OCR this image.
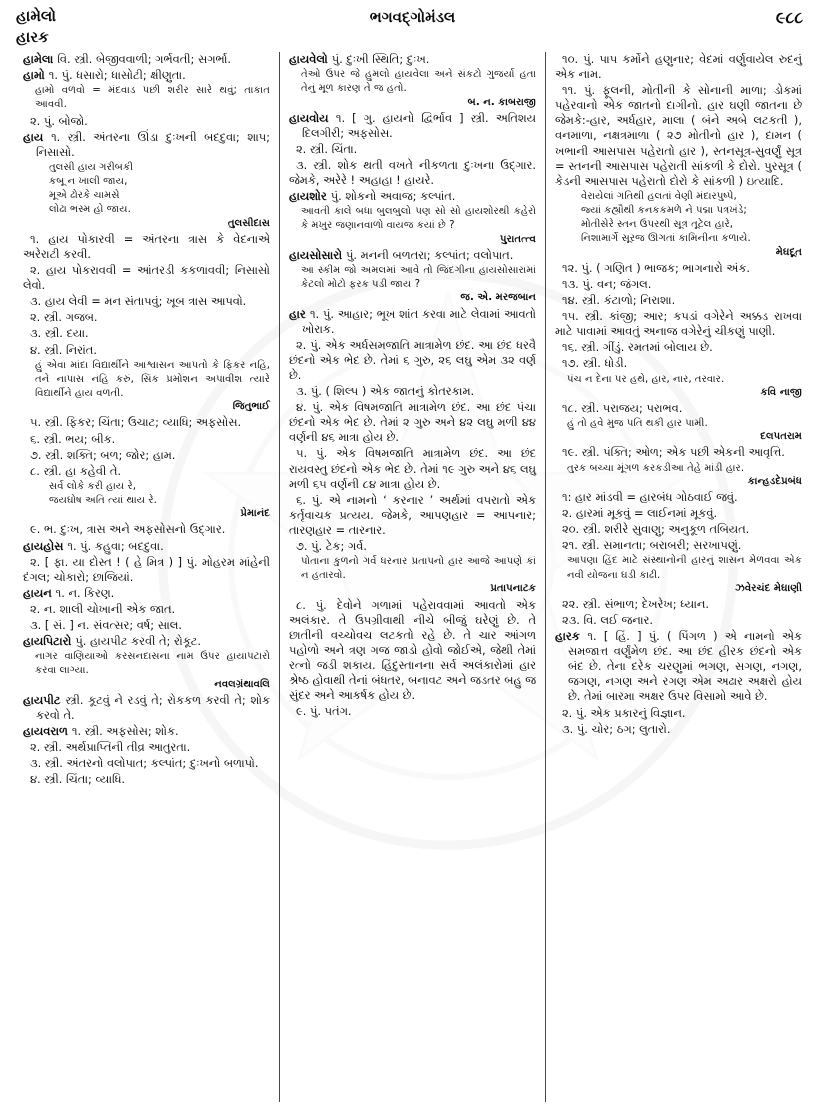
હામેલો
હારક
ભગવદ્ગોમંડલ	૯૮૮

હામેલા વિ. સ્ત્રી. બેજીવવાળી; ગર્ભવતી; સગર્ભા.

હામો ૧. પું. ધસારો; ધાસોટી; ક્ષીણુતા.

હામો વળવો = મંદવાડ પછી શરીર સારે થવું; તાકાત આવવી.

૨. પું. બોજો.

હાય ૧. સ્ત્રી. અંતરના ઊંડા દુઃખની બદદુવા; શાપ; નિસાસો.

તુલસી હાય ગરીબકી
કબૂ ન ખાલી જાય,
મૂએ ઢોરકે ચામસે
લોઢા ભસ્મ હો જાય.
તુલસીદાસ

૧. હાય પોકારવી = અંતરના ત્રાસ કે વેદનાએ અરેરાટી કરવી.

૨. હાય પોકરાવવી = આંતરડી કકળાવવી; નિસાસો લેવો.

૩. હાય લેવી = મન સંતાપવું; ખૂબ ત્રાસ આપવો.

૨. સ્ત્રી. ગજબ.

૩. સ્ત્રી. દયા.

૪. સ્ત્રી. નિરાંત.

હું એવા માંદા વિદ્યાર્થીને આશ્વાસન આપતો કે ફિકર નહિ, તને નાપાસ નહિ કરું, સિંક પ્રમોશન અપાવીશ ત્યારે વિદ્યાર્થીને હાય વળતી.
જિતુભાઈ

૫. સ્ત્રી. ફિકર; ચિંતા; ઉચાટ; વ્યાધિ; અફસોસ.

૬. સ્ત્રી. ભય; બીક.

૭. સ્ત્રી. શક્તિ; બળ; જોર; હામ.

૮. સ્ત્રી. હા કહેવી તે.

સર્વ લોકે કરી હાય રે,
જયઘોષ અતિ ત્યાં થાય રે.
પ્રેમાનંદ

૯. ભ. દુઃખ, ત્રાસ અને અફસોસનો ઉદ્ગાર.

હાયહોસ ૧. પું. કહુવા; બદદુવા.

૨. [ ફા. યા દોસ્ત ! ( હે મિત્ર ) ] પું. મોહરમ માંહેની દંગલ; ચોકારો; છાજિયાં.

હાયન ૧. ન. કિરણ.

૨. ન. શાલી ચોખાની એક જાત.

૩. [ સં. ] ન. સંવત્સર; વર્ષ; સાલ.

હાયપિટારો પું. હાયપીટ કરવી તે; રોકૂટ.

નાગર વાણિયાઓ કરસનદાસના નામ ઉપર હાયાપટારો કરવા લાગ્યા.
નવલગ્રંથાવલિ

હાયપીટ સ્ત્રી. કૂટવું ને રડવું તે; રોકકળ કરવી તે; શોક કરવો તે.

હાયવરાળ ૧. સ્ત્રી. અફસોસ; શોક.

૨. સ્ત્રી. અર્થપ્રાપ્તિની તીવ્ર આતુરતા.

૩. સ્ત્રી. અંતરનો વલોપાત; કલ્પાંત; દુઃખનો બળાપો.

૪. સ્ત્રી. ચિંતા; વ્યાધિ.

હાયવેલો પું. દુઃખી સ્થિતિ; દુઃખ.

તેઓ ઉપર જે હુમલો હાયવેલા અને સંકટો ગુજર્યા હતા તેનું મૂળ કારણ તે જ હતો.
બ. ન. કાબરાજી

હાયવોય ૧. [ ગુ. હાયનો દ્વિર્ભાવ ] સ્ત્રી. અતિશય દિલગીરી; અફસોસ.

૨. સ્ત્રી. ચિંતા.

૩. સ્ત્રી. શોક થતી વખતે નીકળતા દુઃખના ઉદ્ગાર. જેમકે, અરેરે ! અહાહા ! હાયરે.

હાયશોર પું. શોકનો અવાજ; કલ્પાંત.

આવતી કાલે બધા બુલબુલો પણ સો સો હાયશોરથી કહેરો કે મખુર જણાનવાળો વાયજ કયાં છે ?
પુરાતત્ત્વ

હાયસોસારો પું. મનની બળતરા; કલ્પાંત; વલોપાત.

આ સ્કીમ જો અમલમાં આવે તો જિંદગીના હાયસોસારામાં કેટલો મોટો ફરક પડી જાય ?
જ. એ. મરજબાન

હાર ૧. પું. આહાર; ભૂખ શાંત કરવા માટે લેવામાં આવતો ખોરાક.

૨. પું. એક અર્ધસમજાતિ માત્રામેળ છંદ. આ છંદ ધરવૈ છંદનો એક ભેદ છે. તેમાં ૬ ગુરુ, ૨૬ લઘુ એમ ૩૨ વર્ણ છે.

૩. પું. ( શિલ્પ ) એક જાતનું કોતરકામ.

૪. પું. એક વિષમજાતિ માત્રામેળ છંદ. આ છંદ પંચા છંદનો એક ભેદ છે. તેમાં ૨ ગુરુ અને ૪૨ લઘુ મળી ૪૪ વર્ણની ૪૬ માત્રા હોય છે.

૫. પું. એક વિષમજાતિ માત્રામેળ છંદ. આ છંદ રાયવસ્તુ છંદનો એક ભેદ છે. તેમાં ૧૯ ગુરુ અને ૪૬ લઘુ મળી ૬૫ વર્ણની ૮૪ માત્રા હોય છે.

૬. પું. એ નામનો ‘ કરનાર ’ અર્થમાં વપરાતો એક કર્તૃવાચક પ્રત્યય. જેમકે, આપણહાર = આપનાર; તારણહાર = તારનાર.

૭. પું. ટેક; ગર્વ.

પોતાના કુળનો ગર્વ ધરનાર પ્રતાપનો હાર આજે આપણે કાં ન હતારવો.
પ્રતાપનાટક

૮. પું. દેવોને ગળામાં પહેરાવવામાં આવતો એક અલંકાર. તે ઉપગ્રીવાથી નીચે બીજું ઘરેણું છે. તે છાતીની વચ્ચોવચ લટકતો રહે છે. તે ચાર આંગળ પહોળો અને ત્રણ ગજ જાડો હોવો જોઈએ, જેથી તેમાં રત્નો જડી શકાય. હિંદુસ્તાનના સર્વ અલંકારોમાં હાર શ્રેષ્ઠ હોવાથી તેનાં બંધતર, બનાવટ અને જડતર બહુ જ સુંદર અને આકર્ષક હોય છે.

૯. પું. પતંગ.

૧૦. પું. પાપ કર્મોને હણુનાર; વેદમાં વર્ણુવાયેલ રુદનું એક નામ.

૧૧. પું. ફૂલની, મોતીની કે સોનાની માળા; ડોકમાં પહેરવાનો એક જાતનો દાગીનો. હાર ઘણી જાતના છે જેમકે:-હાર, અર્ધહાર, માલા ( બંને અબે લટકતી ), વનમાળા, નક્ષત્રમાળા ( ૨૭ મોતીનો હાર ), દામન ( ખભાની આસપાસ પહેરાતો હાર ), સ્તનસૂત્ર-સુવર્ણું સૂત્ર = સ્તનની આસપાસ પહેરાતી સાંકળી કે દોરો. પુરસૂત્ર ( કેડની આસપાસ પહેરાતો દોરો કે સાંકળી ) ઇત્યાદિ.

વેરાયેલાં ગતિથી હલતાં વેણી મંદારપુષ્પે,
જ્યાં કહ્યૌથી કનકકમળે ને પદ્મા પત્રખંડે;
મોતીસેરે સ્તન ઉપરથી સૂત્ર તૂટેલ હારે,
નિશામાર્ગે સૂરજ ઊગતાં કામિનીના કળાયે.
મેઘદૂત

૧૨. પું. ( ગણિત ) ભાજક; ભાગનારો અંક.

૧૩. પું. વન; જંગલ.

૧૪. સ્ત્રી. કંટાળો; નિરાશા.

૧૫. સ્ત્રી. કાંજી; આર; કપડાં વગેરેને અક્કડ રાખવા માટે પાવામાં આવતું અનાજ વગેરેનું ચીકણું પાણી.

૧૬. સ્ત્રી. ગીંડું. રમતમાં બોલાય છે.

૧૭. સ્ત્રી. ધોડી.

પંચ ન દેના પર હથે, હાર, નાર, તરવાર.
કવિ નાજી

૧૮. સ્ત્રી. પરાજય; પરાભવ.

હું તો હવે મુજ પતિ થકી હાર પામી.
દલપતરામ

૧૯. સ્ત્રી. પંક્તિ; ઓળ; એક પછી એકની આવૃત્તિ.

તુરક બચ્ચા મૂંગળ કરકડીઆ તેહે માંડી હાર.
કાન્હડદેપ્રબંધ

૧: હાર માંડવી = હારબંધ ગોઠવાઈ જવું.

૨. હારમાં મૂકવું = લાઈનમાં મૂકવું.

૨૦. સ્ત્રી. શરીરે સુવાણુ; અનુકૂળ તબિયત.

૨૧. સ્ત્રી. સમાનતા; બરાબરી; સરખાપણું.

આપણા હિંદ માટે સંસ્થાનોની હારનું શાસન મેળવવા એક નવી યોજના ઘડી કાઢી.
ઝવેરચંદ મેઘાણી

૨૨. સ્ત્રી. સંભાળ; દેખરેખ; ધ્યાન.

૨૩. વિ. લઈ જનાર.

હારક ૧. [ હિં. ] પું. ( પિંગળ ) એ નામનો એક સમજાત્ત વર્ણુંમેળ છંદ. આ છંદ હીરક છંદનો એક બંદ છે. તેના દરેક ચરણુમાં ભગણ, સગણ, નગણ, જગણ, નગણ અને રગણ એમ અઢાર અક્ષરો હોય છે. તેમાં બારમા અક્ષર ઉપર વિસામો આવે છે.

૨. પું. એક પ્રકારનું વિજ્ઞાન.

૩. પું. ચોર; ઠગ; લુતારો.
